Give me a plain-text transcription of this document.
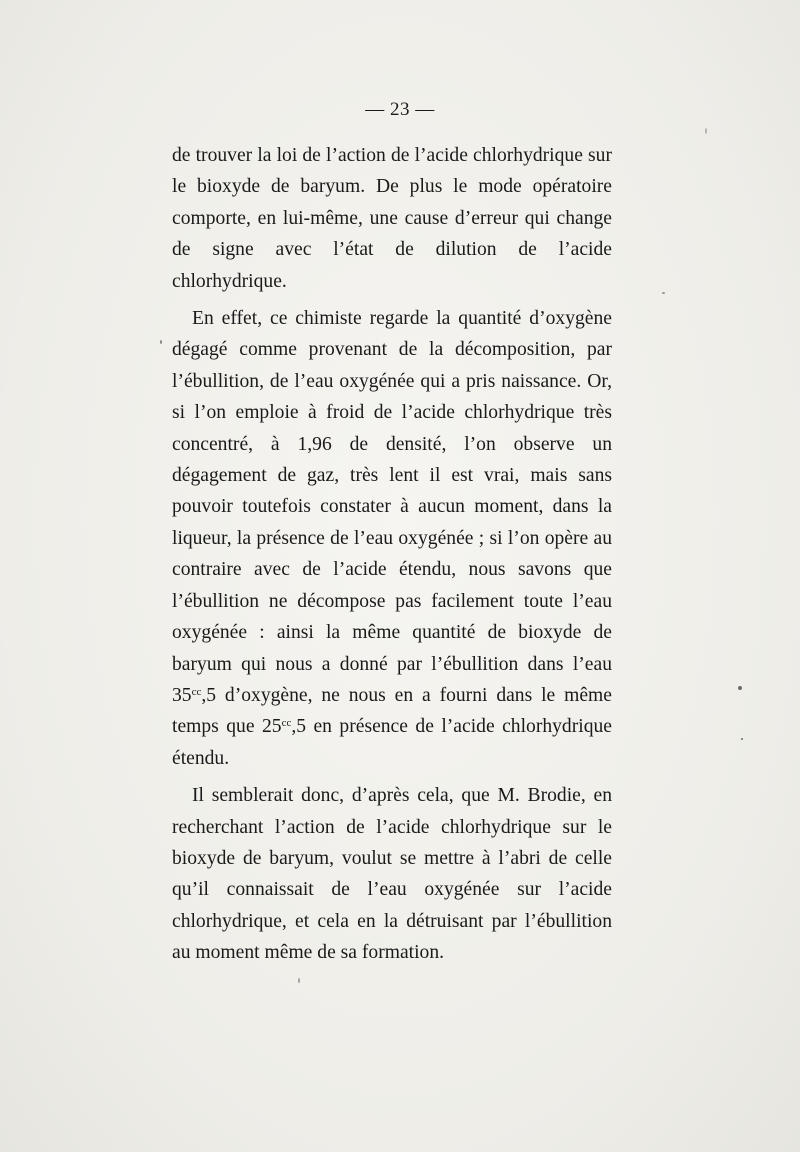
— 23 —

de trouver la loi de l’action de l’acide chlorhydrique sur le bioxyde de baryum. De plus le mode opératoire comporte, en lui-même, une cause d’erreur qui change de signe avec l’état de dilution de l’acide chlorhydrique.

En effet, ce chimiste regarde la quantité d’oxygène dégagé comme provenant de la décomposition, par l’ébullition, de l’eau oxygénée qui a pris naissance. Or, si l’on emploie à froid de l’acide chlorhydrique très concentré, à 1,96 de densité, l’on observe un dégagement de gaz, très lent il est vrai, mais sans pouvoir toutefois constater à aucun moment, dans la liqueur, la présence de l’eau oxygénée ; si l’on opère au contraire avec de l’acide étendu, nous savons que l’ébullition ne décompose pas facilement toute l’eau oxygénée : ainsi la même quantité de bioxyde de baryum qui nous a donné par l’ébullition dans l’eau $35^{cc},5$ d’oxygène, ne nous en a fourni dans le même temps que $25^{cc},5$ en présence de l’acide chlorhydrique étendu.

Il semblerait donc, d’après cela, que M. Brodie, en recherchant l’action de l’acide chlorhydrique sur le bioxyde de baryum, voulut se mettre à l’abri de celle qu’il connaissait de l’eau oxygénée sur l’acide chlorhydrique, et cela en la détruisant par l’ébullition au moment même de sa formation.
